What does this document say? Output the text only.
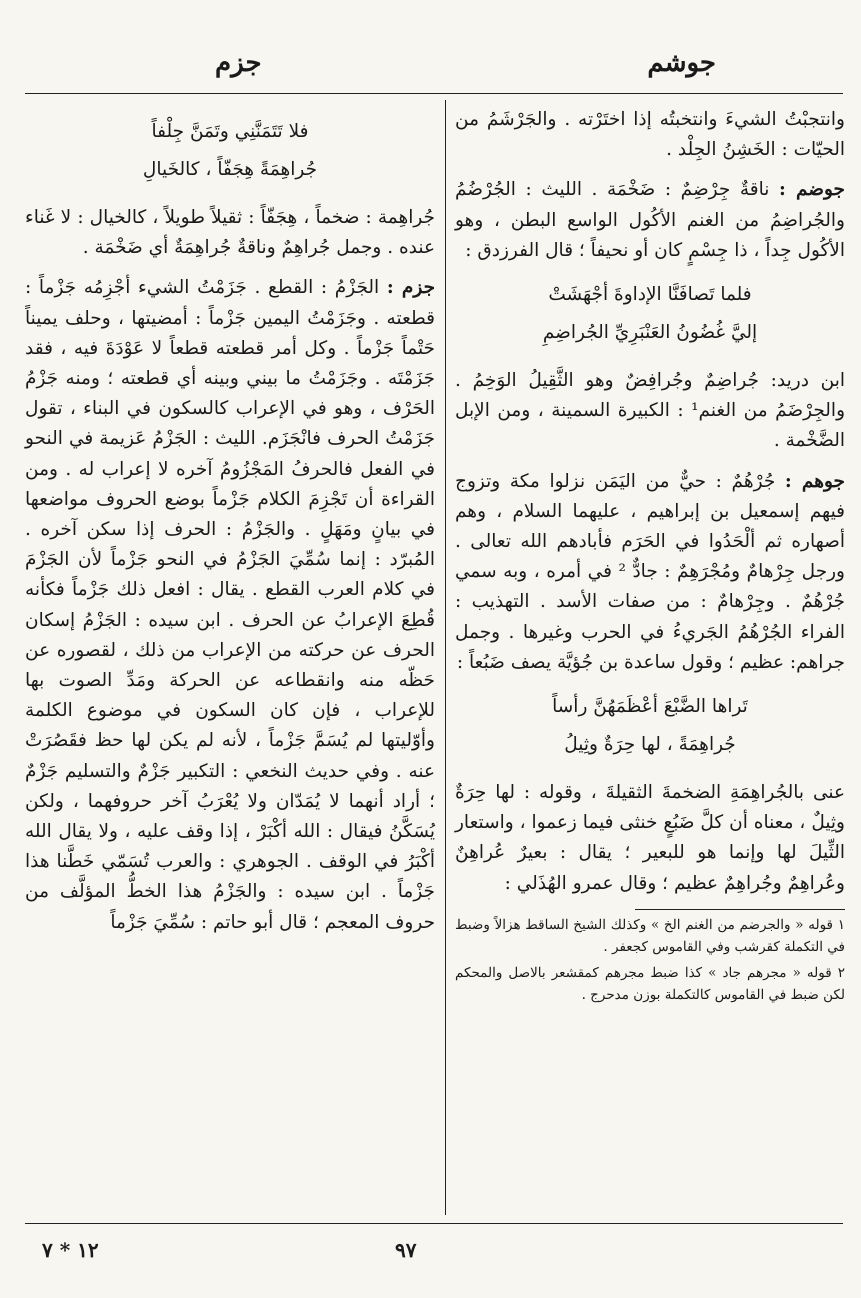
جوشم
جزم

وانتجبْتُ الشيءَ وانتخبتُه إذا اختَرْته . والجَرْشَمُ من الحيّات : الخَشِنُ الجِلْد .

جوضم : ناقةٌ جِرْضِمٌ : ضَخْمَة . الليث : الجُرْضُمُ والجُراضِمُ من الغنم الأكُول الواسع البطن ، وهو الأكُول جِداً ، ذا جِسْمٍ كان أو نحيفاً ؛ قال الفرزدق :

فلما تَصافَنَّا الإداوةَ أجْهَشَتْ
إليَّ غُضُونُ العَنْبَرِيِّ الجُراضِمِ

ابن دريد: جُراضِمٌ وجُرافِضٌ وهو الثَّقِيلُ الوَخِمُ . والجِرْضَمُ من الغنم¹ : الكبيرة السمينة ، ومن الإبل الضَّخْمة .

جوهم : جُرْهُمٌ : حيٌّ من اليَمَن نزلوا مكة وتزوج فيهم إسمعيل بن إبراهيم ، عليهما السلام ، وهم أصهاره ثم ألْحَدُوا في الحَرَم فأبادهم الله تعالى . ورجل جِرْهامٌ ومُجْرَهِمٌ : جادٌّ ² في أمره ، وبه سمي جُرْهُمٌ . وجِرْهامٌ : من صفات الأسد . التهذيب : الفراء الجُرْهُمُ الجَريءُ في الحرب وغيرها . وجمل جراهم: عظيم ؛ وقول ساعدة بن جُؤيَّة يصف ضَبُعاً :

تَراها الضَّبْعَ أعْظَمَهُنَّ رأساً
جُراهِمَةً ، لها حِرَةٌ وثِيلُ

عنى بالجُراهِمَةِ الضخمةَ الثقيلةَ ، وقوله : لها حِرَةٌ وثِيلٌ ، معناه أن كلَّ ضَبُعٍ خنثى فيما زعموا ، واستعار الثِّيلَ لها وإنما هو للبعير ؛ يقال : بعيرٌ عُراهِنٌ وعُراهِمٌ وجُراهِمٌ عظيم ؛ وقال عمرو الهُذَلي :

١ قوله « والجرضم من الغنم الخ » وكذلك الشيخ الساقط هزالاً وضبط في التكملة كقرشب وفي القاموس كجعفر .

٢ قوله « مجرهم جاد » كذا ضبط مجرهم كمقشعر بالاصل والمحكم لكن ضبط في القاموس كالتكملة بوزن مدحرج .

فلا تَتَمَنَّنِي وتَمَنَّ جِلْفاً
جُراهِمَةً هِجَفّاً ، كالخَيالِ

جُراهِمة : ضخماً ، هِجَفّاً : ثقيلاً طويلاً ، كالخيال : لا غَناء عنده . وجمل جُراهِمٌ وناقةٌ جُراهِمَةٌ أي ضَخْمَة .

جزم : الجَزْمُ : القطع . جَزَمْتُ الشيء أجْزِمُه جَزْماً : قطعته . وجَزَمْتُ اليمين جَزْماً : أمضيتها ، وحلف يميناً حَتْماً جَزْماً . وكل أمر قطعته قطعاً لا عَوْدَةَ فيه ، فقد جَزَمْتَه . وجَزَمْتُ ما بيني وبينه أي قطعته ؛ ومنه جَزْمُ الحَرْف ، وهو في الإعراب كالسكون في البناء ، تقول جَزَمْتُ الحرف فانْجَزَم. الليث : الجَزْمُ عَزيمة في النحو في الفعل فالحرفُ المَجْزُومُ آخره لا إعراب له . ومن القراءة أن تَجْزِمَ الكلام جَزْماً بوضع الحروف مواضعها في بيانٍ ومَهَلٍ . والجَزْمُ : الحرف إذا سكن آخره . المُبرّد : إنما سُمِّيَ الجَزْمُ في النحو جَزْماً لأن الجَزْمَ في كلام العرب القطع . يقال : افعل ذلك جَزْماً فكأنه قُطِعَ الإعرابُ عن الحرف . ابن سيده : الجَزْمُ إسكان الحرف عن حركته من الإعراب من ذلك ، لقصوره عن حَظّه منه وانقطاعه عن الحركة ومَدِّ الصوت بها للإعراب ، فإن كان السكون في موضوع الكلمة وأوّليتها لم يُسَمَّ جَزْماً ، لأنه لم يكن لها حظ فقَصُرَتْ عنه . وفي حديث النخعي : التكبير جَزْمٌ والتسليم جَزْمٌ ؛ أراد أنهما لا يُمَدّان ولا يُعْرَبُ آخر حروفهما ، ولكن يُسَكَّنُ فيقال : الله أكْبَرْ ، إذا وقف عليه ، ولا يقال الله أكْبَرُ في الوقف . الجوهري : والعرب تُسَمّي خَطَّنا هذا جَزْماً . ابن سيده : والجَزْمُ هذا الخطُّ المؤلَّف من حروف المعجم ؛ قال أبو حاتم : سُمِّيَ جَزْماً

٩٧
١٢ * ٧
